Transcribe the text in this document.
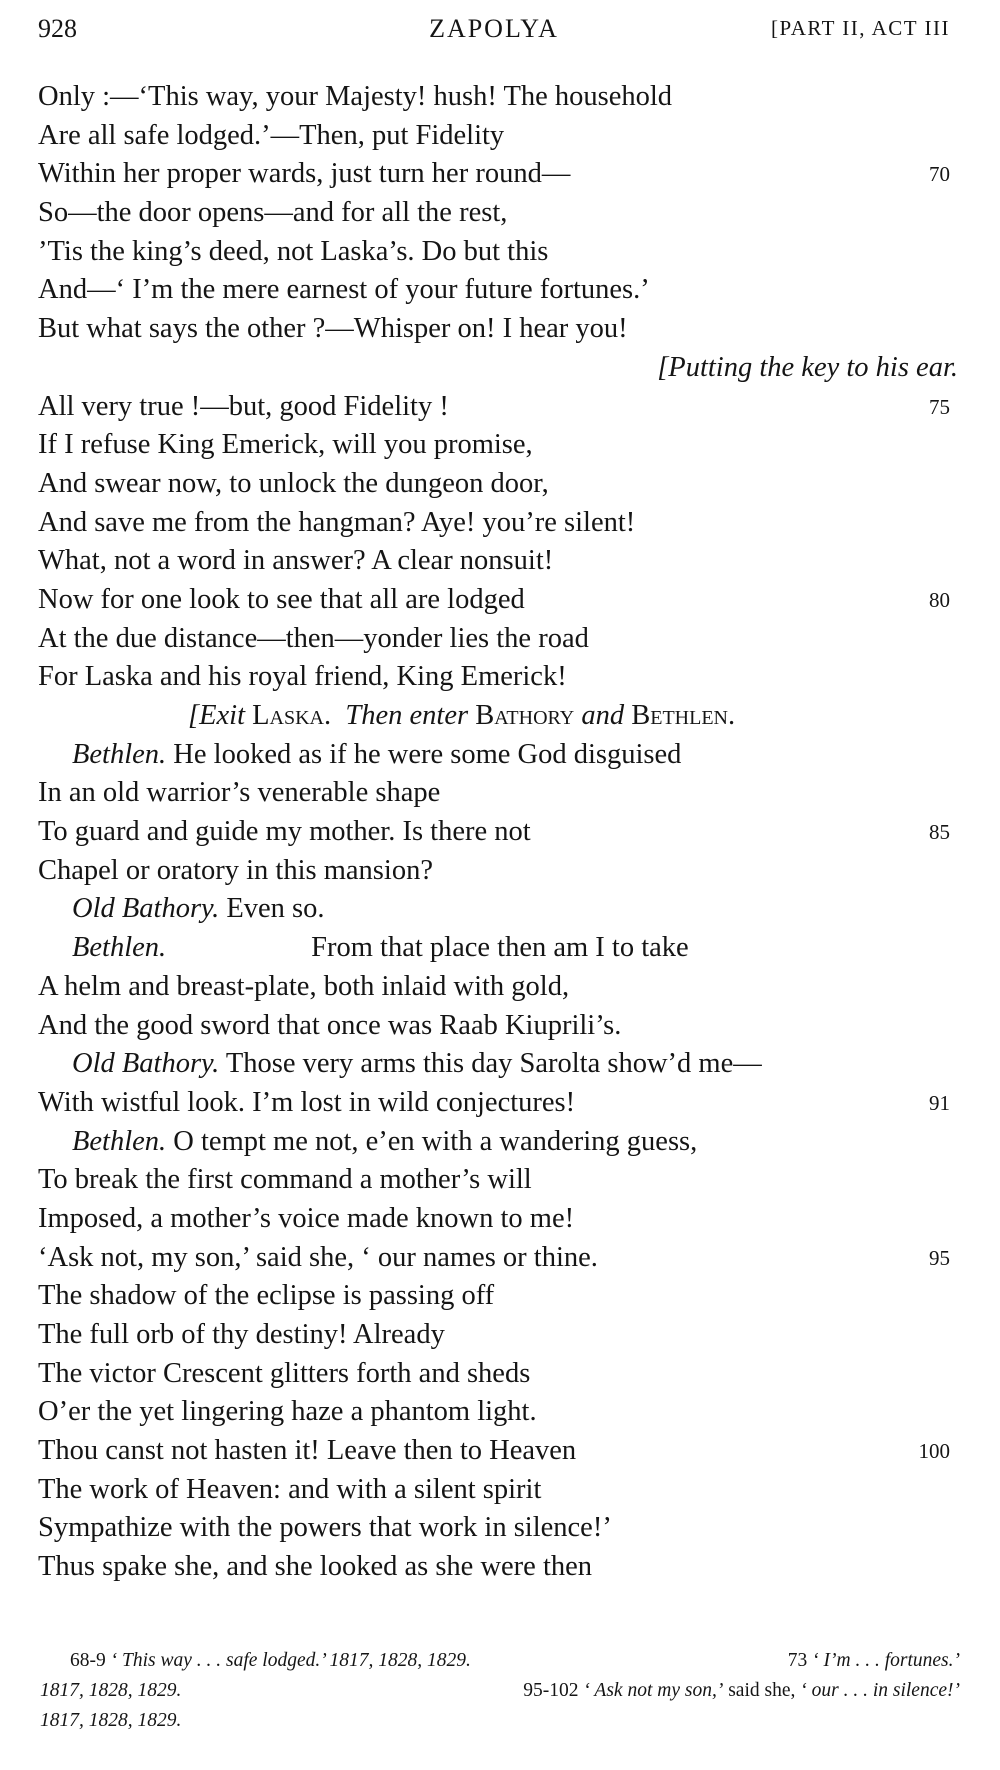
928	ZAPOLYA	[PART II, ACT III
Only :—‘This way, your Majesty! hush! The household
Are all safe lodged.’—Then, put Fidelity
Within her proper wards, just turn her round—	70
So—the door opens—and for all the rest,
’Tis the king’s deed, not Laska’s. Do but this
And—‘ I’m the mere earnest of your future fortunes.’
But what says the other ?—Whisper on! I hear you!
[Putting the key to his ear.
All very true !—but, good Fidelity !	75
If I refuse King Emerick, will you promise,
And swear now, to unlock the dungeon door,
And save me from the hangman? Aye! you’re silent!
What, not a word in answer? A clear nonsuit!
Now for one look to see that all are lodged	80
At the due distance—then—yonder lies the road
For Laska and his royal friend, King Emerick!
[Exit Laska. Then enter Bathory and Bethlen.
Bethlen. He looked as if he were some God disguised
In an old warrior’s venerable shape
To guard and guide my mother. Is there not	85
Chapel or oratory in this mansion?
Old Bathory. Even so.
Bethlen.	From that place then am I to take
A helm and breast-plate, both inlaid with gold,
And the good sword that once was Raab Kiuprili’s.
Old Bathory. Those very arms this day Sarolta show’d me—
With wistful look. I’m lost in wild conjectures!	91
Bethlen. O tempt me not, e’en with a wandering guess,
To break the first command a mother’s will
Imposed, a mother’s voice made known to me!
‘Ask not, my son,’ said she, ‘ our names or thine.	95
The shadow of the eclipse is passing off
The full orb of thy destiny! Already
The victor Crescent glitters forth and sheds
O’er the yet lingering haze a phantom light.
Thou canst not hasten it! Leave then to Heaven	100
The work of Heaven: and with a silent spirit
Sympathize with the powers that work in silence!’
Thus spake she, and she looked as she were then
68-9 ‘ This way . . . safe lodged.’ 1817, 1828, 1829.	73 ‘ I’m . . . fortunes.’
1817, 1828, 1829.	95-102 ‘ Ask not my son,’ said she, ‘ our . . . in silence!’
1817, 1828, 1829.
